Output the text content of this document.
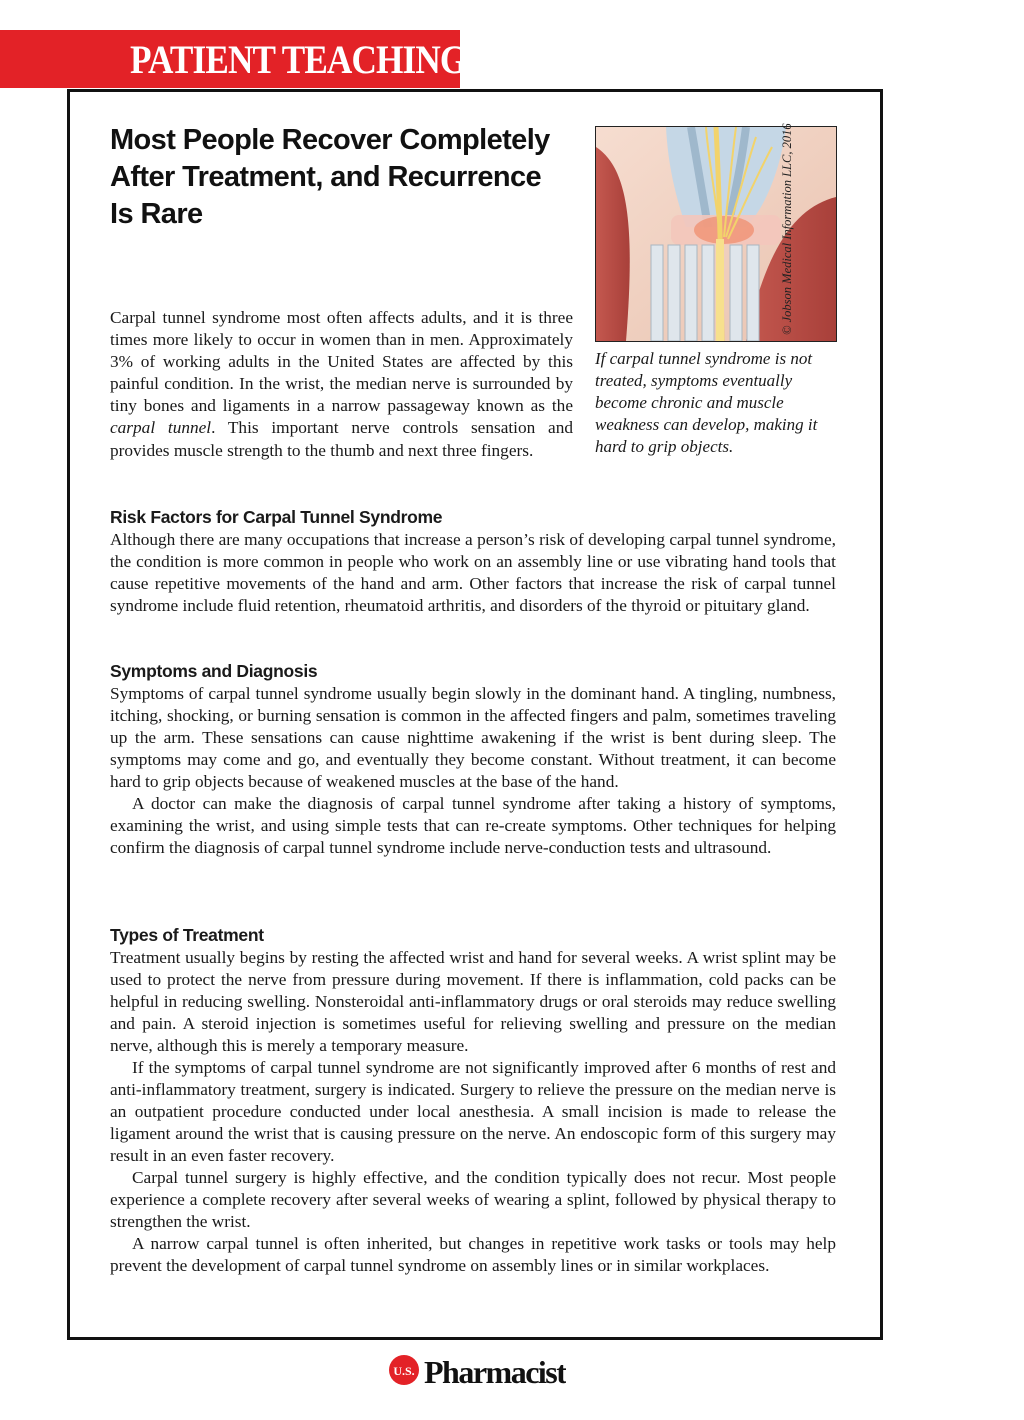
PATIENT TEACHING AID
Most People Recover Completely After Treatment, and Recurrence Is Rare

Carpal tunnel syndrome most often affects adults, and it is three times more likely to occur in women than in men. Approximately 3% of working adults in the United States are affected by this painful condition. In the wrist, the median nerve is surrounded by tiny bones and ligaments in a narrow passageway known as the carpal tunnel. This important nerve controls sensation and provides muscle strength to the thumb and next three fingers.

If carpal tunnel syndrome is not treated, symptoms eventually become chronic and muscle weakness can develop, making it hard to grip objects.

© Jobson Medical Information LLC, 2016
Risk Factors for Carpal Tunnel Syndrome

Although there are many occupations that increase a person’s risk of developing carpal tunnel syndrome, the condition is more common in people who work on an assembly line or use vibrating hand tools that cause repetitive movements of the hand and arm. Other factors that increase the risk of carpal tunnel syndrome include fluid retention, rheumatoid arthritis, and disorders of the thyroid or pituitary gland.

Symptoms and Diagnosis

Symptoms of carpal tunnel syndrome usually begin slowly in the dominant hand. A tingling, numbness, itching, shocking, or burning sensation is common in the affected fingers and palm, sometimes traveling up the arm. These sensations can cause nighttime awakening if the wrist is bent during sleep. The symptoms may come and go, and eventually they become constant. Without treatment, it can become hard to grip objects because of weakened muscles at the base of the hand.

A doctor can make the diagnosis of carpal tunnel syndrome after taking a history of symptoms, examining the wrist, and using simple tests that can re-create symptoms. Other techniques for helping confirm the diagnosis of carpal tunnel syndrome include nerve-conduction tests and ultrasound.

Types of Treatment

Treatment usually begins by resting the affected wrist and hand for several weeks. A wrist splint may be used to protect the nerve from pressure during movement. If there is inflammation, cold packs can be helpful in reducing swelling. Nonsteroidal anti-inflammatory drugs or oral steroids may reduce swelling and pain. A steroid injection is sometimes useful for relieving swelling and pressure on the median nerve, although this is merely a temporary measure.

If the symptoms of carpal tunnel syndrome are not significantly improved after 6 months of rest and anti-inflammatory treatment, surgery is indicated. Surgery to relieve the pressure on the median nerve is an outpatient procedure conducted under local anesthesia. A small incision is made to release the ligament around the wrist that is causing pressure on the nerve. An endoscopic form of this surgery may result in an even faster recovery.

Carpal tunnel surgery is highly effective, and the condition typically does not recur. Most people experience a complete recovery after several weeks of wearing a splint, followed by physical therapy to strengthen the wrist.

A narrow carpal tunnel is often inherited, but changes in repetitive work tasks or tools may help prevent the development of carpal tunnel syndrome on assembly lines or in similar workplaces.

U.S. Pharmacist
